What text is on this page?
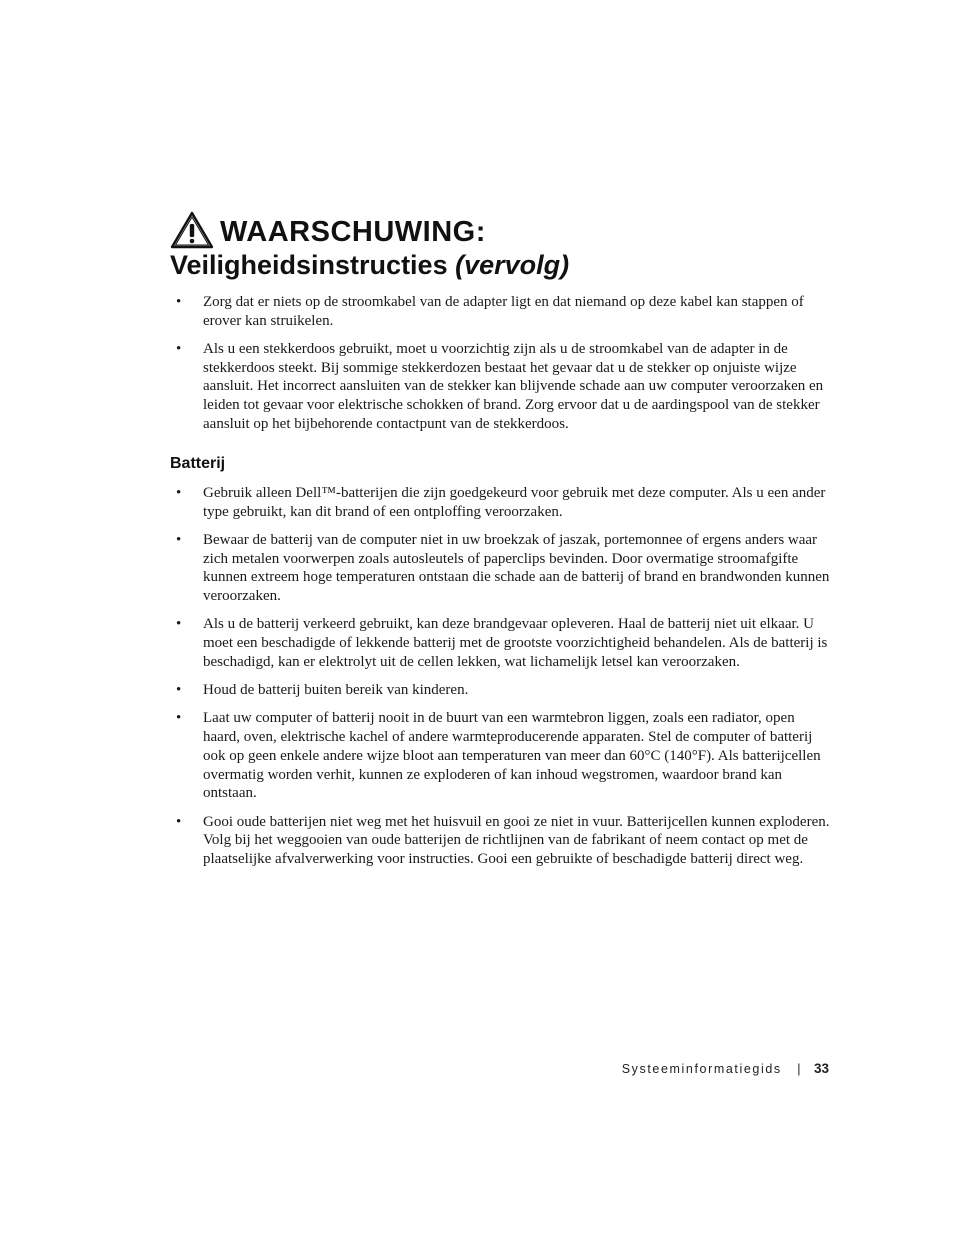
WAARSCHUWING:
Veiligheidsinstructies (vervolg)
• Zorg dat er niets op de stroomkabel van de adapter ligt en dat niemand op deze kabel kan stappen of erover kan struikelen.
• Als u een stekkerdoos gebruikt, moet u voorzichtig zijn als u de stroomkabel van de adapter in de stekkerdoos steekt. Bij sommige stekkerdozen bestaat het gevaar dat u de stekker op onjuiste wijze aansluit. Het incorrect aansluiten van de stekker kan blijvende schade aan uw computer veroorzaken en leiden tot gevaar voor elektrische schokken of brand. Zorg ervoor dat u de aardingspool van de stekker aansluit op het bijbehorende contactpunt van de stekkerdoos.
Batterij
• Gebruik alleen Dell™-batterijen die zijn goedgekeurd voor gebruik met deze computer. Als u een ander type gebruikt, kan dit brand of een ontploffing veroorzaken.
• Bewaar de batterij van de computer niet in uw broekzak of jaszak, portemonnee of ergens anders waar zich metalen voorwerpen zoals autosleutels of paperclips bevinden. Door overmatige stroomafgifte kunnen extreem hoge temperaturen ontstaan die schade aan de batterij of brand en brandwonden kunnen veroorzaken.
• Als u de batterij verkeerd gebruikt, kan deze brandgevaar opleveren. Haal de batterij niet uit elkaar. U moet een beschadigde of lekkende batterij met de grootste voorzichtigheid behandelen. Als de batterij is beschadigd, kan er elektrolyt uit de cellen lekken, wat lichamelijk letsel kan veroorzaken.
• Houd de batterij buiten bereik van kinderen.
• Laat uw computer of batterij nooit in de buurt van een warmtebron liggen, zoals een radiator, open haard, oven, elektrische kachel of andere warmteproducerende apparaten. Stel de computer of batterij ook op geen enkele andere wijze bloot aan temperaturen van meer dan 60°C (140°F). Als batterijcellen overmatig worden verhit, kunnen ze exploderen of kan inhoud wegstromen, waardoor brand kan ontstaan.
• Gooi oude batterijen niet weg met het huisvuil en gooi ze niet in vuur. Batterijcellen kunnen exploderen. Volg bij het weggooien van oude batterijen de richtlijnen van de fabrikant of neem contact op met de plaatselijke afvalverwerking voor instructies. Gooi een gebruikte of beschadigde batterij direct weg.
Systeeminformatiegids | 33
